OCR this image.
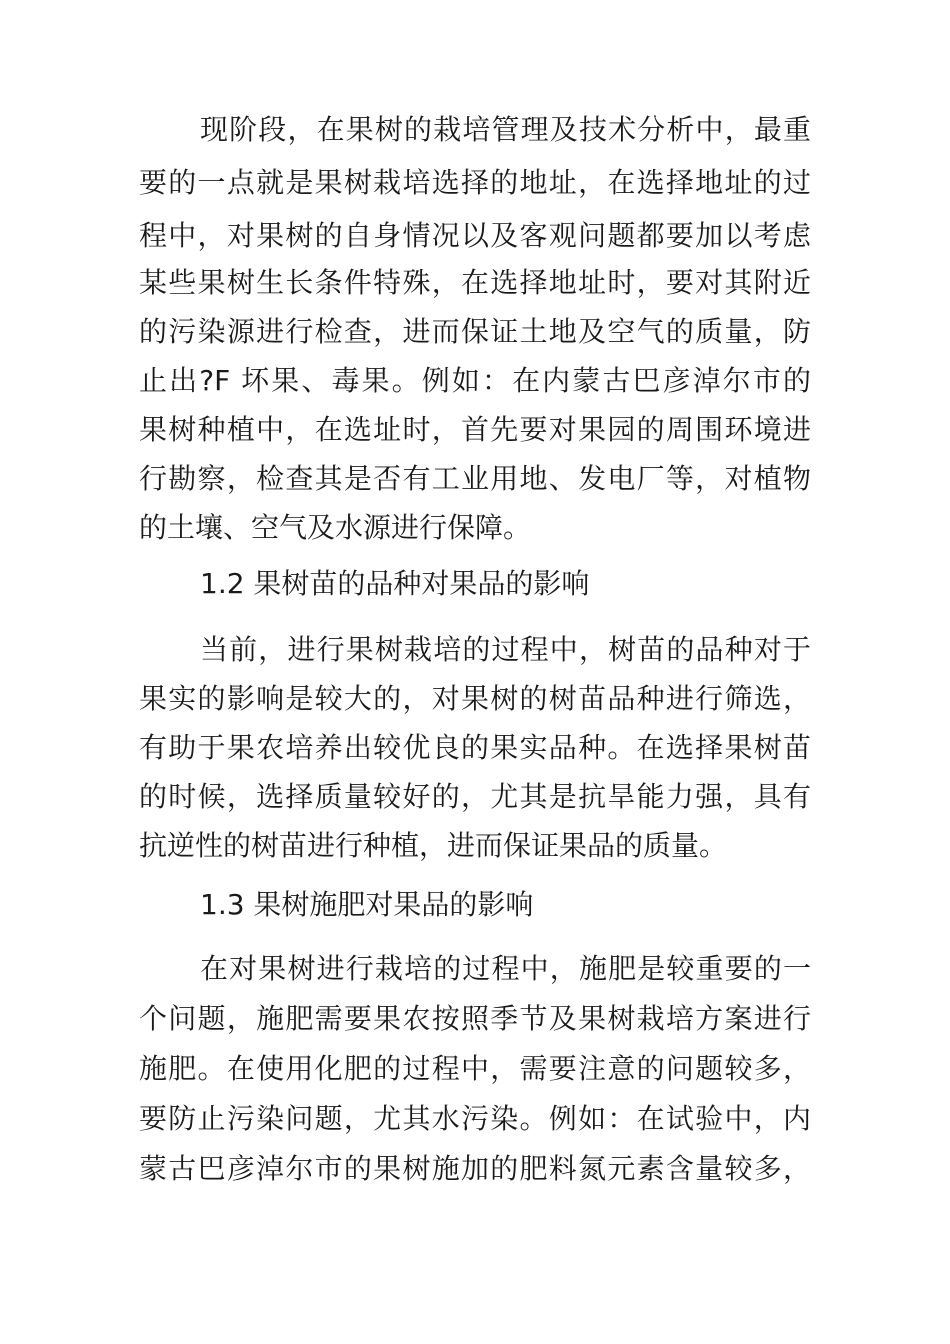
现阶段，在果树的栽培管理及技术分析中，最重
要的一点就是果树栽培选择的地址，在选择地址的过
程中，对果树的自身情况以及客观问题都要加以考虑
某些果树生长条件特殊，在选择地址时，要对其附近
的污染源进行检查，进而保证土地及空气的质量，防
止出?F 坏果、毒果。例如：在内蒙古巴彦淖尔市的
果树种植中，在选址时，首先要对果园的周围环境进
行勘察，检查其是否有工业用地、发电厂等，对植物
的土壤、空气及水源进行保障。
1.2 果树苗的品种对果品的影响
当前，进行果树栽培的过程中，树苗的品种对于
果实的影响是较大的，对果树的树苗品种进行筛选，
有助于果农培养出较优良的果实品种。在选择果树苗
的时候，选择质量较好的，尤其是抗旱能力强，具有
抗逆性的树苗进行种植，进而保证果品的质量。
1.3 果树施肥对果品的影响
在对果树进行栽培的过程中，施肥是较重要的一
个问题，施肥需要果农按照季节及果树栽培方案进行
施肥。在使用化肥的过程中，需要注意的问题较多，
要防止污染问题，尤其水污染。例如：在试验中，内
蒙古巴彦淖尔市的果树施加的肥料氮元素含量较多，
